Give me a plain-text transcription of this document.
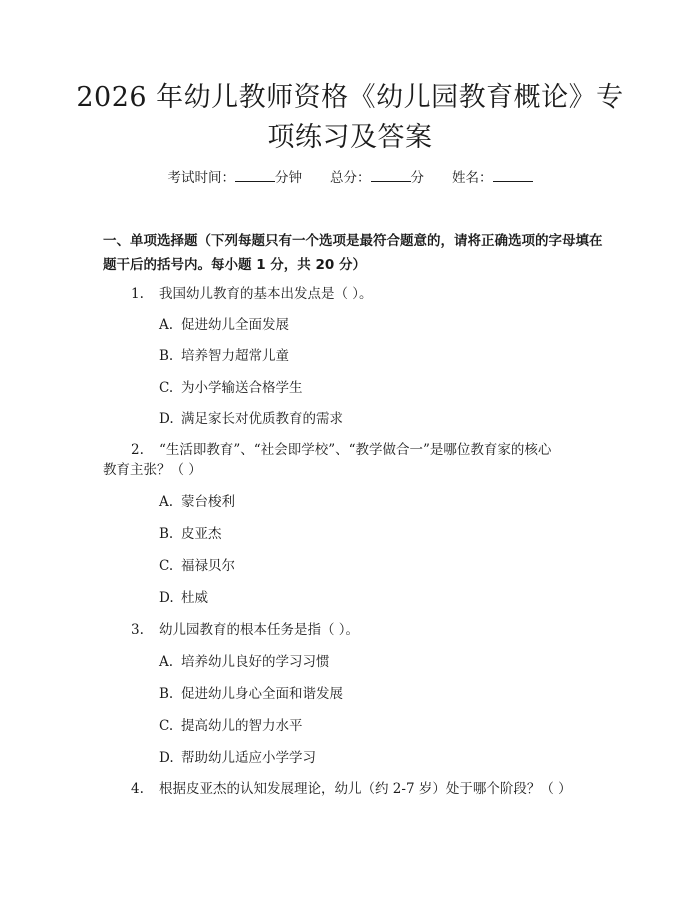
2026 年幼儿教师资格《幼儿园教育概论》专
项练习及答案
考试时间：	分钟 总分：	分 姓名：
一、单项选择题（下列每题只有一个选项是最符合题意的，请将正确选项的字母填在题干后的括号内。每小题 1 分，共 20 分）
1.	我国幼儿教育的基本出发点是（ ）。
A. 促进幼儿全面发展
B. 培养智力超常儿童
C. 为小学输送合格学生
D. 满足家长对优质教育的需求
2. “生活即教育”、“社会即学校”、“教学做合一”是哪位教育家的核心
教育主张？（ ）
A. 蒙台梭利
B. 皮亚杰
C. 福禄贝尔
D. 杜威
3.	幼儿园教育的根本任务是指（ ）。
A. 培养幼儿良好的学习习惯
B. 促进幼儿身心全面和谐发展
C. 提高幼儿的智力水平
D. 帮助幼儿适应小学学习
4.	根据皮亚杰的认知发展理论，幼儿（约 2-7 岁）处于哪个阶段？（ ）
